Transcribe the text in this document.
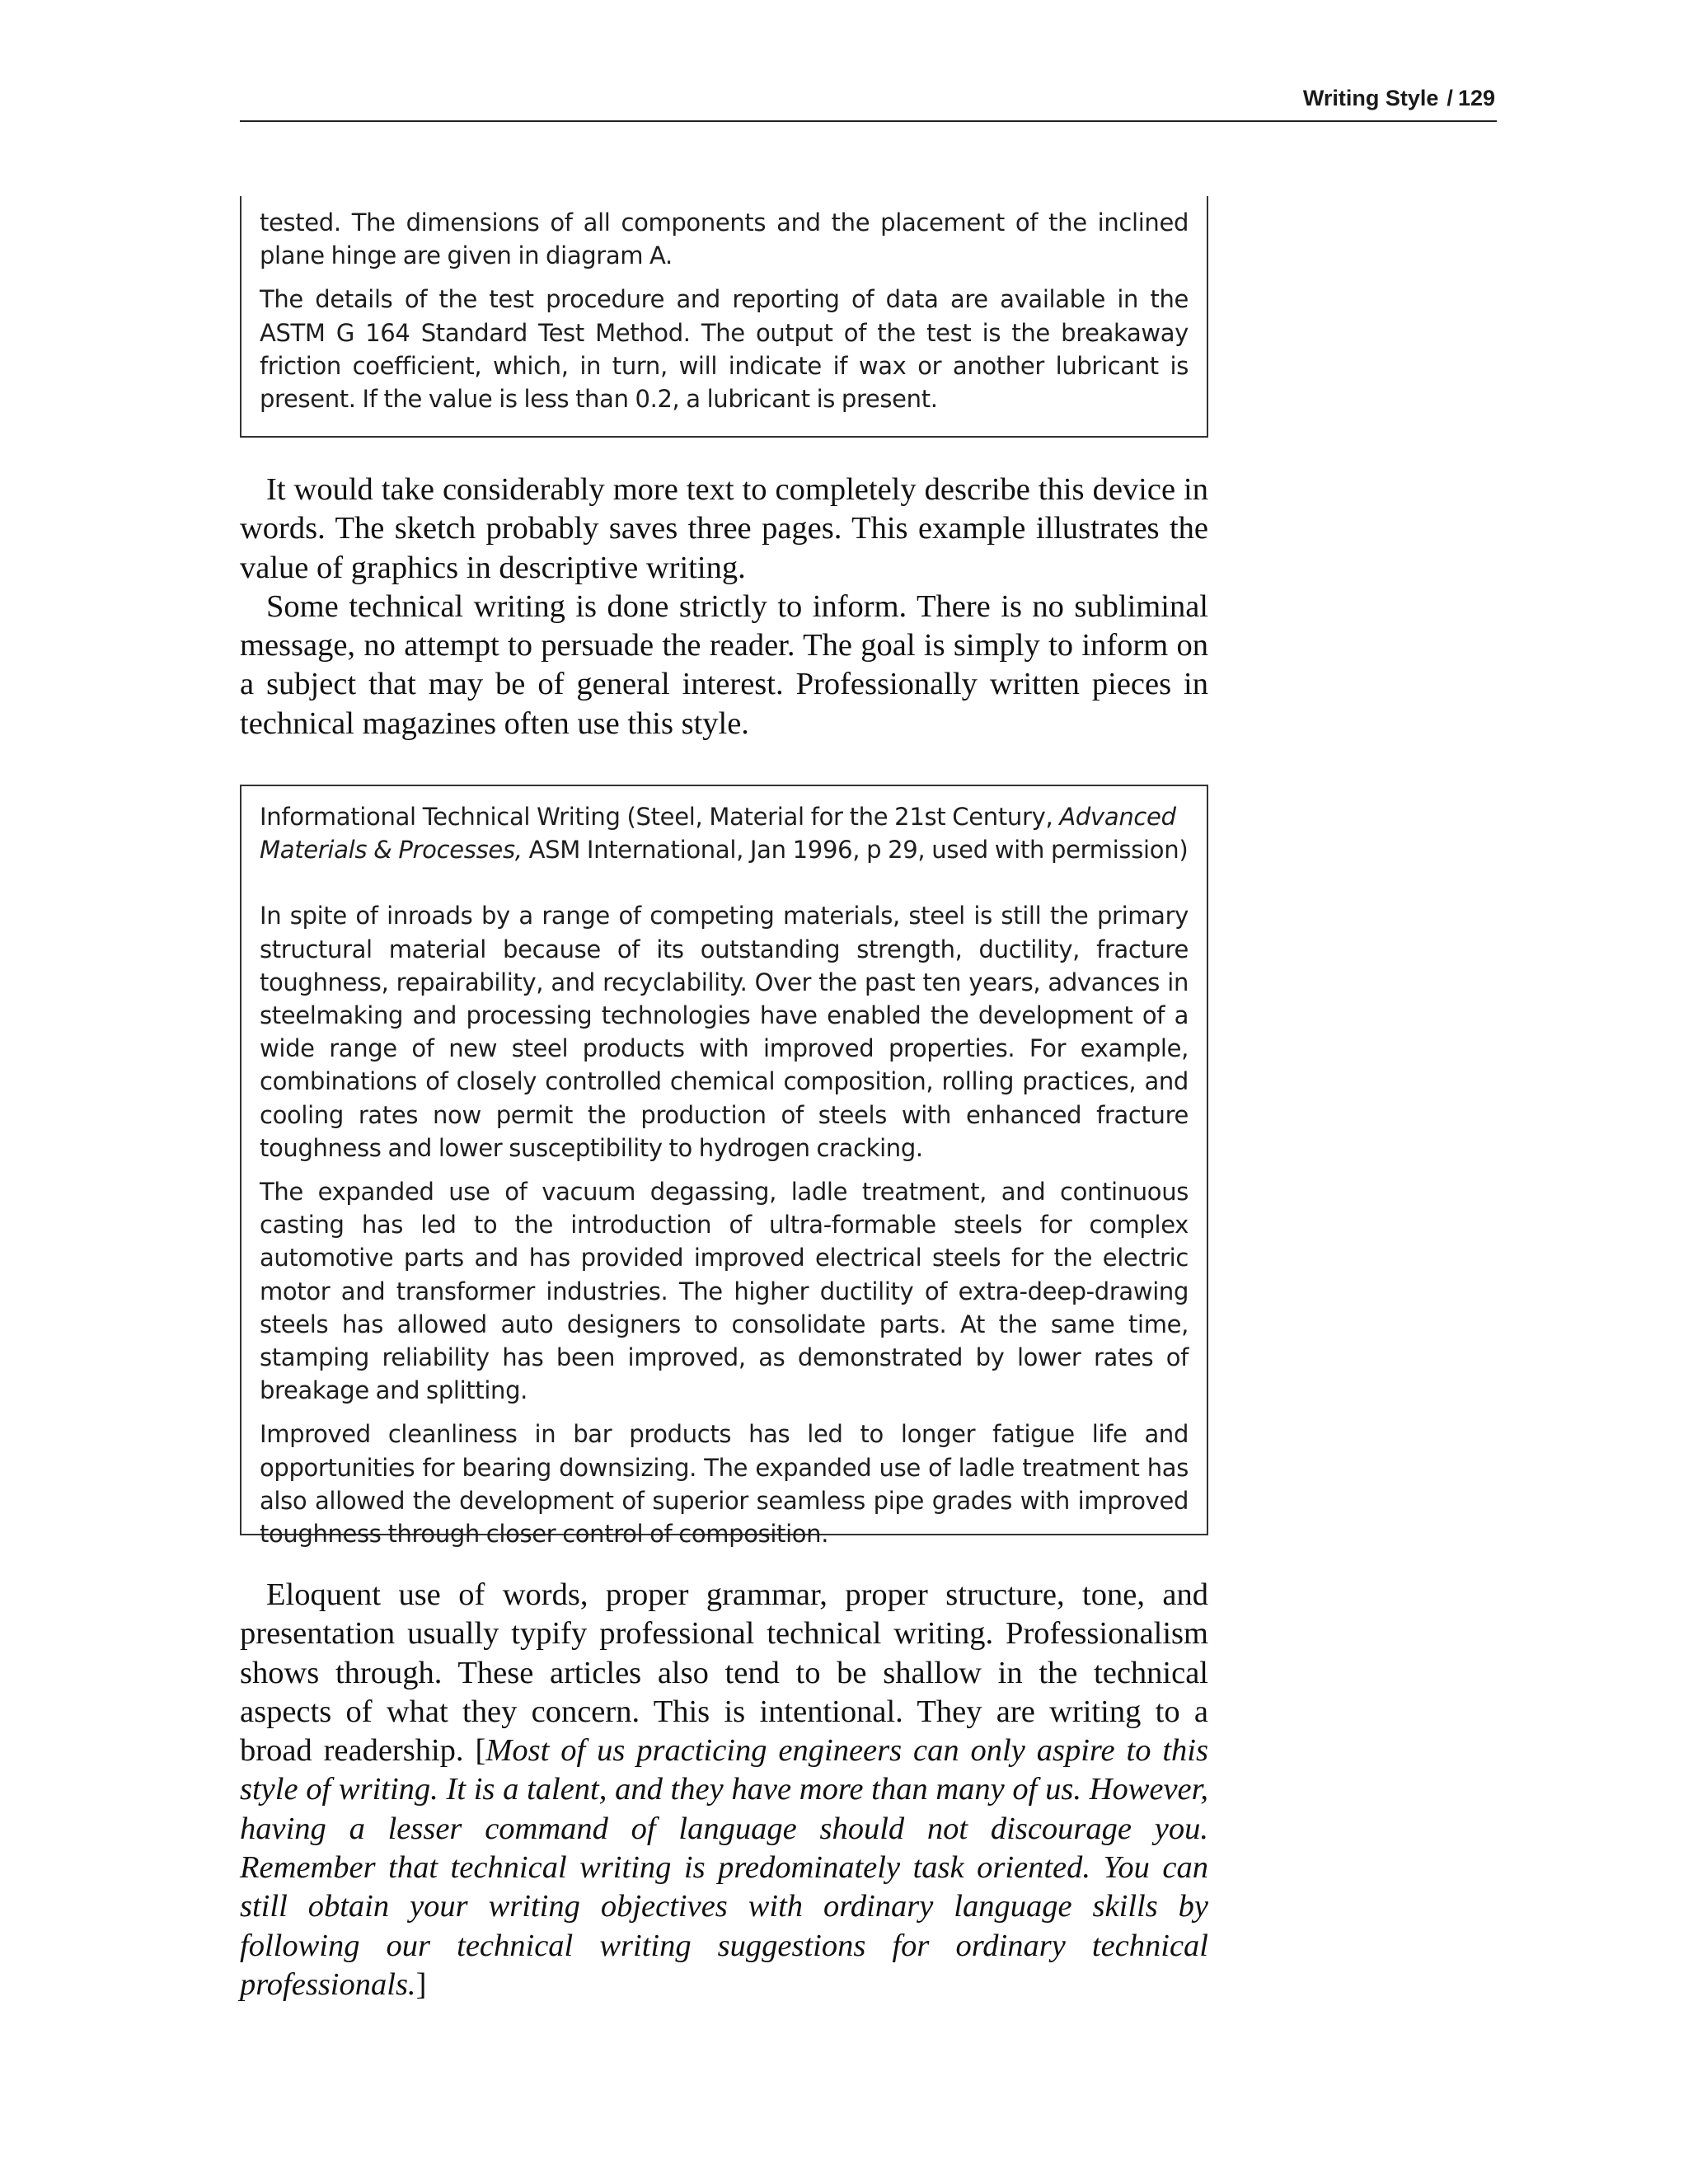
Writing Style / 129

tested. The dimensions of all components and the placement of the inclined plane hinge are given in diagram A.

The details of the test procedure and reporting of data are available in the ASTM G 164 Standard Test Method. The output of the test is the breakaway friction coefficient, which, in turn, will indicate if wax or another lubricant is present. If the value is less than 0.2, a lubricant is present.

It would take considerably more text to completely describe this device in words. The sketch probably saves three pages. This example illustrates the value of graphics in descriptive writing.

Some technical writing is done strictly to inform. There is no subliminal message, no attempt to persuade the reader. The goal is simply to inform on a subject that may be of general interest. Professionally written pieces in technical magazines often use this style.

Informational Technical Writing (Steel, Material for the 21st Century, Advanced Materials & Processes, ASM International, Jan 1996, p 29, used with permission)

In spite of inroads by a range of competing materials, steel is still the primary structural material because of its outstanding strength, ductility, fracture toughness, repairability, and recyclability. Over the past ten years, advances in steelmaking and processing technologies have enabled the development of a wide range of new steel products with improved properties. For example, combinations of closely controlled chemical composition, rolling practices, and cooling rates now permit the production of steels with enhanced fracture toughness and lower susceptibility to hydrogen cracking.

The expanded use of vacuum degassing, ladle treatment, and continuous casting has led to the introduction of ultra-formable steels for complex automotive parts and has provided improved electrical steels for the electric motor and transformer industries. The higher ductility of extra-deep-drawing steels has allowed auto designers to consolidate parts. At the same time, stamping reliability has been improved, as demonstrated by lower rates of breakage and splitting.

Improved cleanliness in bar products has led to longer fatigue life and opportunities for bearing downsizing. The expanded use of ladle treatment has also allowed the development of superior seamless pipe grades with improved toughness through closer control of composition.

Eloquent use of words, proper grammar, proper structure, tone, and presentation usually typify professional technical writing. Professionalism shows through. These articles also tend to be shallow in the technical aspects of what they concern. This is intentional. They are writing to a broad readership. [Most of us practicing engineers can only aspire to this style of writing. It is a talent, and they have more than many of us. However, having a lesser command of language should not discourage you. Remember that technical writing is predominately task oriented. You can still obtain your writing objectives with ordinary language skills by following our technical writing suggestions for ordinary technical professionals.]
